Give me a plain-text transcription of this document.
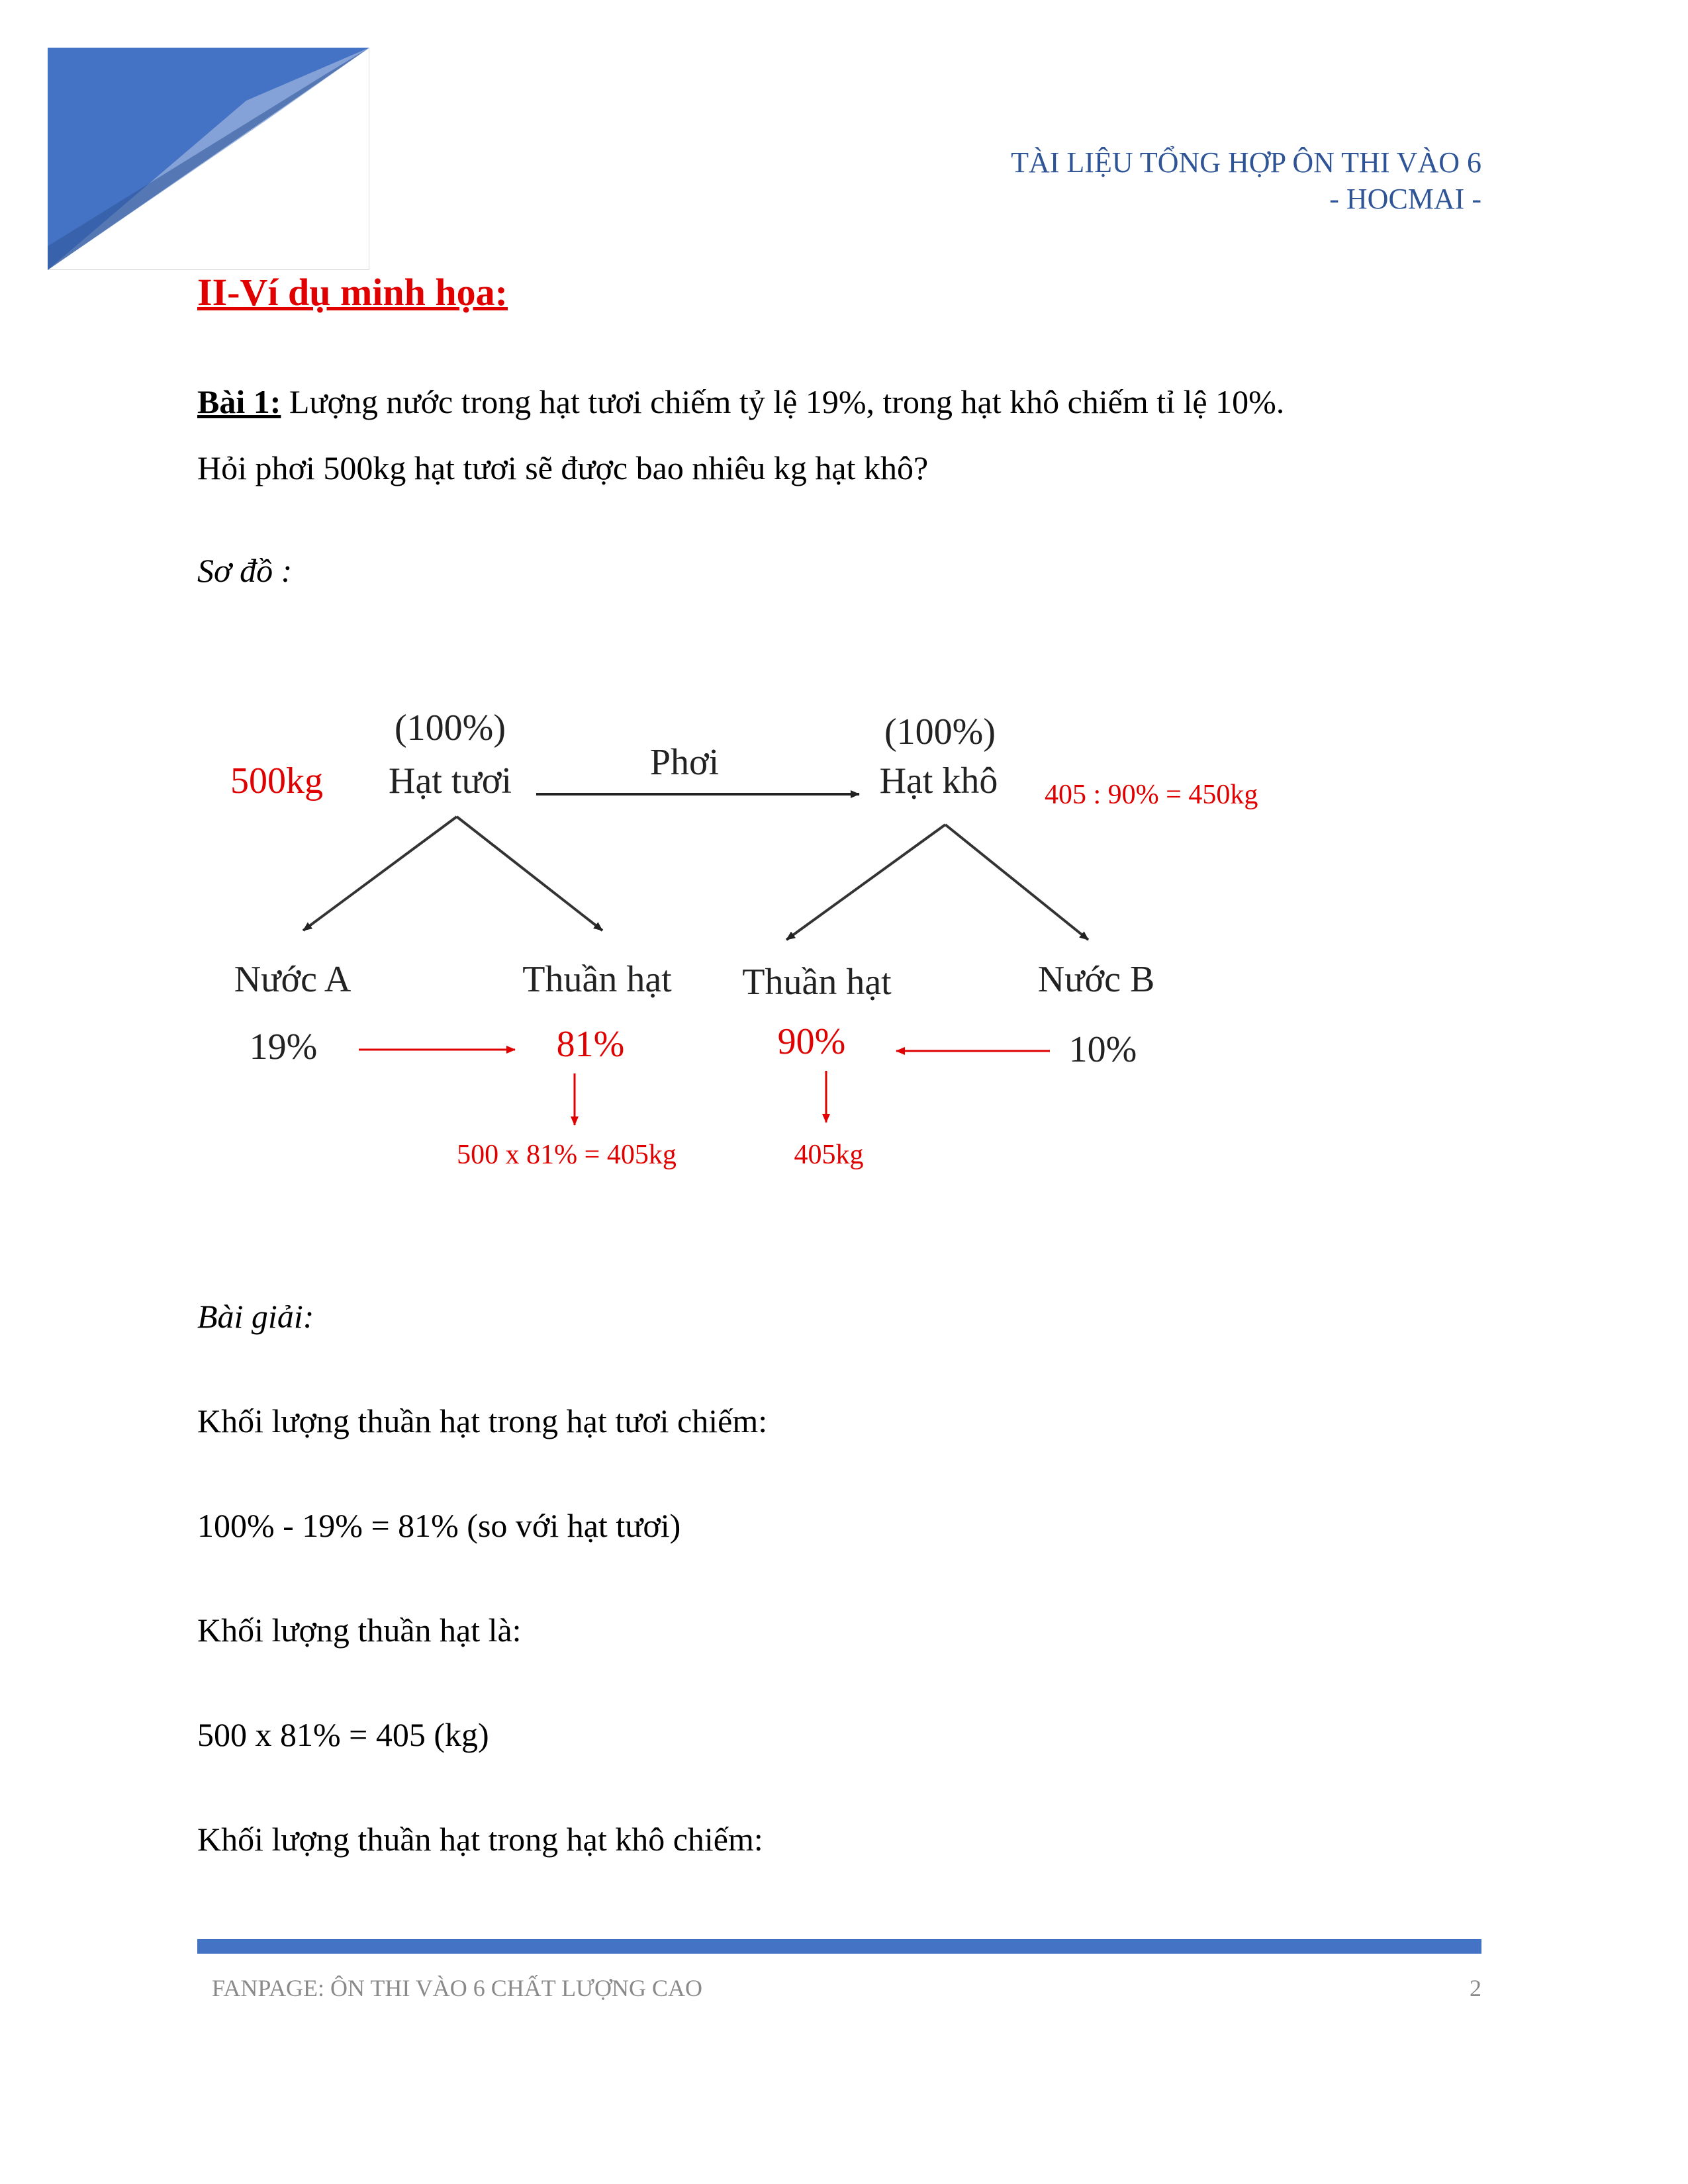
TÀI LIỆU TỔNG HỢP ÔN THI VÀO 6
- HOCMAI -
II-Ví dụ minh họa:
Bài 1: Lượng nước trong hạt tươi chiếm tỷ lệ 19%, trong hạt khô chiếm tỉ lệ 10%.
Hỏi phơi 500kg hạt tươi sẽ được bao nhiêu kg hạt khô?
Sơ đồ :
(100%)
Hạt tươi
500kg	Phơi
(100%)
Hạt khô 405 : 90% = 450kg
Nước A	Thuần hạt Thuần hạt	Nước B
19%	81%	90%	10%
500 x 81% = 405kg	405kg
Bài giải:
Khối lượng thuần hạt trong hạt tươi chiếm:
100% - 19% = 81% (so với hạt tươi)
Khối lượng thuần hạt là:
500 x 81% = 405 (kg)
Khối lượng thuần hạt trong hạt khô chiếm:
FANPAGE: ÔN THI VÀO 6 CHẤT LƯỢNG CAO	2
